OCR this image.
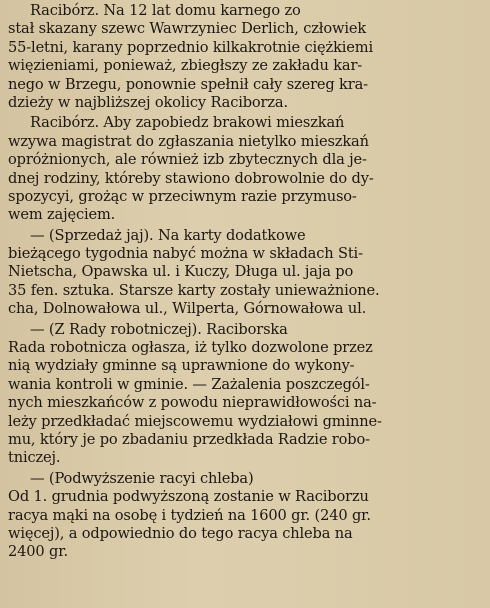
Racibórz. Na 12 lat domu karnego zo
stał skazany szewc Wawrzyniec Derlich, człowiek
55-letni, karany poprzednio kilkakrotnie ciężkiemi
więzieniami, ponieważ, zbiegłszy ze zakładu kar-
nego w Brzegu, ponownie spełnił cały szereg kra-
dzieży w najbliższej okolicy Raciborza.
Racibórz. Aby zapobiedz brakowi mieszkań
wzywa magistrat do zgłaszania nietylko mieszkań
opróżnionych, ale również izb zbytecznych dla je-
dnej rodziny, któreby stawiono dobrowolnie do dy-
spozycyi, grożąc w przeciwnym razie przymuso-
wem zajęciem.
— (Sprzedaż jaj). Na karty dodatkowe
bieżącego tygodnia nabyć można w składach Sti-
Nietscha, Opawska ul. i Kuczy, Długa ul. jaja po
35 fen. sztuka. Starsze karty zostały unieważnione.
cha, Dolnowałowa ul., Wilperta, Górnowałowa ul.
— (Z Rady robotniczej). Raciborska
Rada robotnicza ogłasza, iż tylko dozwolone przez
nią wydziały gminne są uprawnione do wykony-
wania kontroli w gminie. — Zażalenia poszczegól-
nych mieszkańców z powodu nieprawidłowości na-
leży przedkładać miejscowemu wydziałowi gminne-
mu, który je po zbadaniu przedkłada Radzie robo-
tniczej.
— (Podwyższenie racyi chleba)
Od 1. grudnia podwyższoną zostanie w Raciborzu
racya mąki na osobę i tydzień na 1600 gr. (240 gr.
więcej), a odpowiednio do tego racya chleba na
2400 gr.
